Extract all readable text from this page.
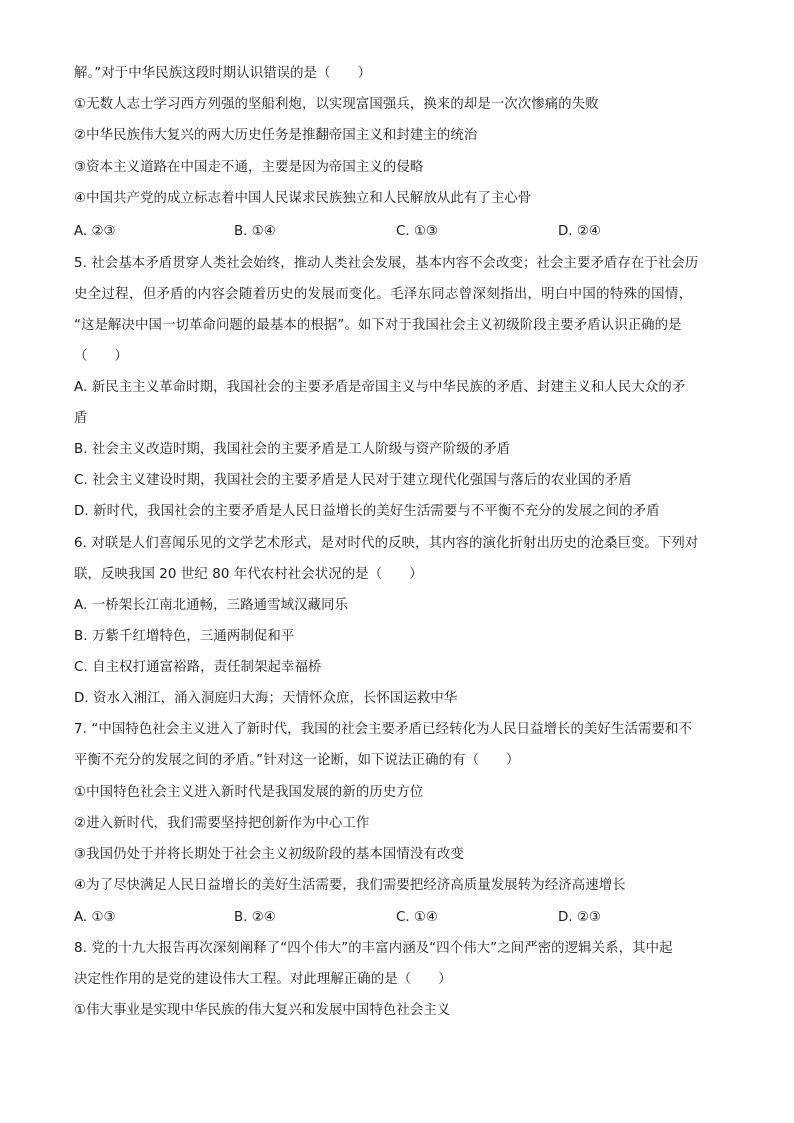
解。”对于中华民族这段时期认识错误的是（　　）
①无数人志士学习西方列强的坚船利炮，以实现富国强兵，换来的却是一次次惨痛的失败
②中华民族伟大复兴的两大历史任务是推翻帝国主义和封建主的统治
③资本主义道路在中国走不通，主要是因为帝国主义的侵略
④中国共产党的成立标志着中国人民谋求民族独立和人民解放从此有了主心骨
A. ②③	B. ①④	C. ①③	D. ②④
5. 社会基本矛盾贯穿人类社会始终，推动人类社会发展，基本内容不会改变；社会主要矛盾存在于社会历
史全过程，但矛盾的内容会随着历史的发展而变化。毛泽东同志曾深刻指出，明白中国的特殊的国情，
“这是解决中国一切革命问题的最基本的根据”。如下对于我国社会主义初级阶段主要矛盾认识正确的是
（　　）
A. 新民主主义革命时期，我国社会的主要矛盾是帝国主义与中华民族的矛盾、封建主义和人民大众的矛
盾
B. 社会主义改造时期，我国社会的主要矛盾是工人阶级与资产阶级的矛盾
C. 社会主义建设时期，我国社会的主要矛盾是人民对于建立现代化强国与落后的农业国的矛盾
D. 新时代，我国社会的主要矛盾是人民日益增长的美好生活需要与不平衡不充分的发展之间的矛盾
6. 对联是人们喜闻乐见的文学艺术形式，是对时代的反映，其内容的演化折射出历史的沧桑巨变。下列对
联，反映我国 20 世纪 80 年代农村社会状况的是（　　）
A. 一桥架长江南北通畅，三路通雪域汉藏同乐
B. 万紫千红增特色，三通两制促和平
C. 自主权打通富裕路，责任制架起幸福桥
D. 资水入湘江，涌入洞庭归大海；天情怀众庶，长怀国运救中华
7. “中国特色社会主义进入了新时代，我国的社会主要矛盾已经转化为人民日益增长的美好生活需要和不
平衡不充分的发展之间的矛盾。”针对这一论断，如下说法正确的有（　　）
①中国特色社会主义进入新时代是我国发展的新的历史方位
②进入新时代，我们需要坚持把创新作为中心工作
③我国仍处于并将长期处于社会主义初级阶段的基本国情没有改变
④为了尽快满足人民日益增长的美好生活需要，我们需要把经济高质量发展转为经济高速增长
A. ①③	B. ②④	C. ①④	D. ②③
8. 党的十九大报告再次深刻阐释了“四个伟大”的丰富内涵及“四个伟大”之间严密的逻辑关系，其中起
决定性作用的是党的建设伟大工程。对此理解正确的是（　　）
①伟大事业是实现中华民族的伟大复兴和发展中国特色社会主义
